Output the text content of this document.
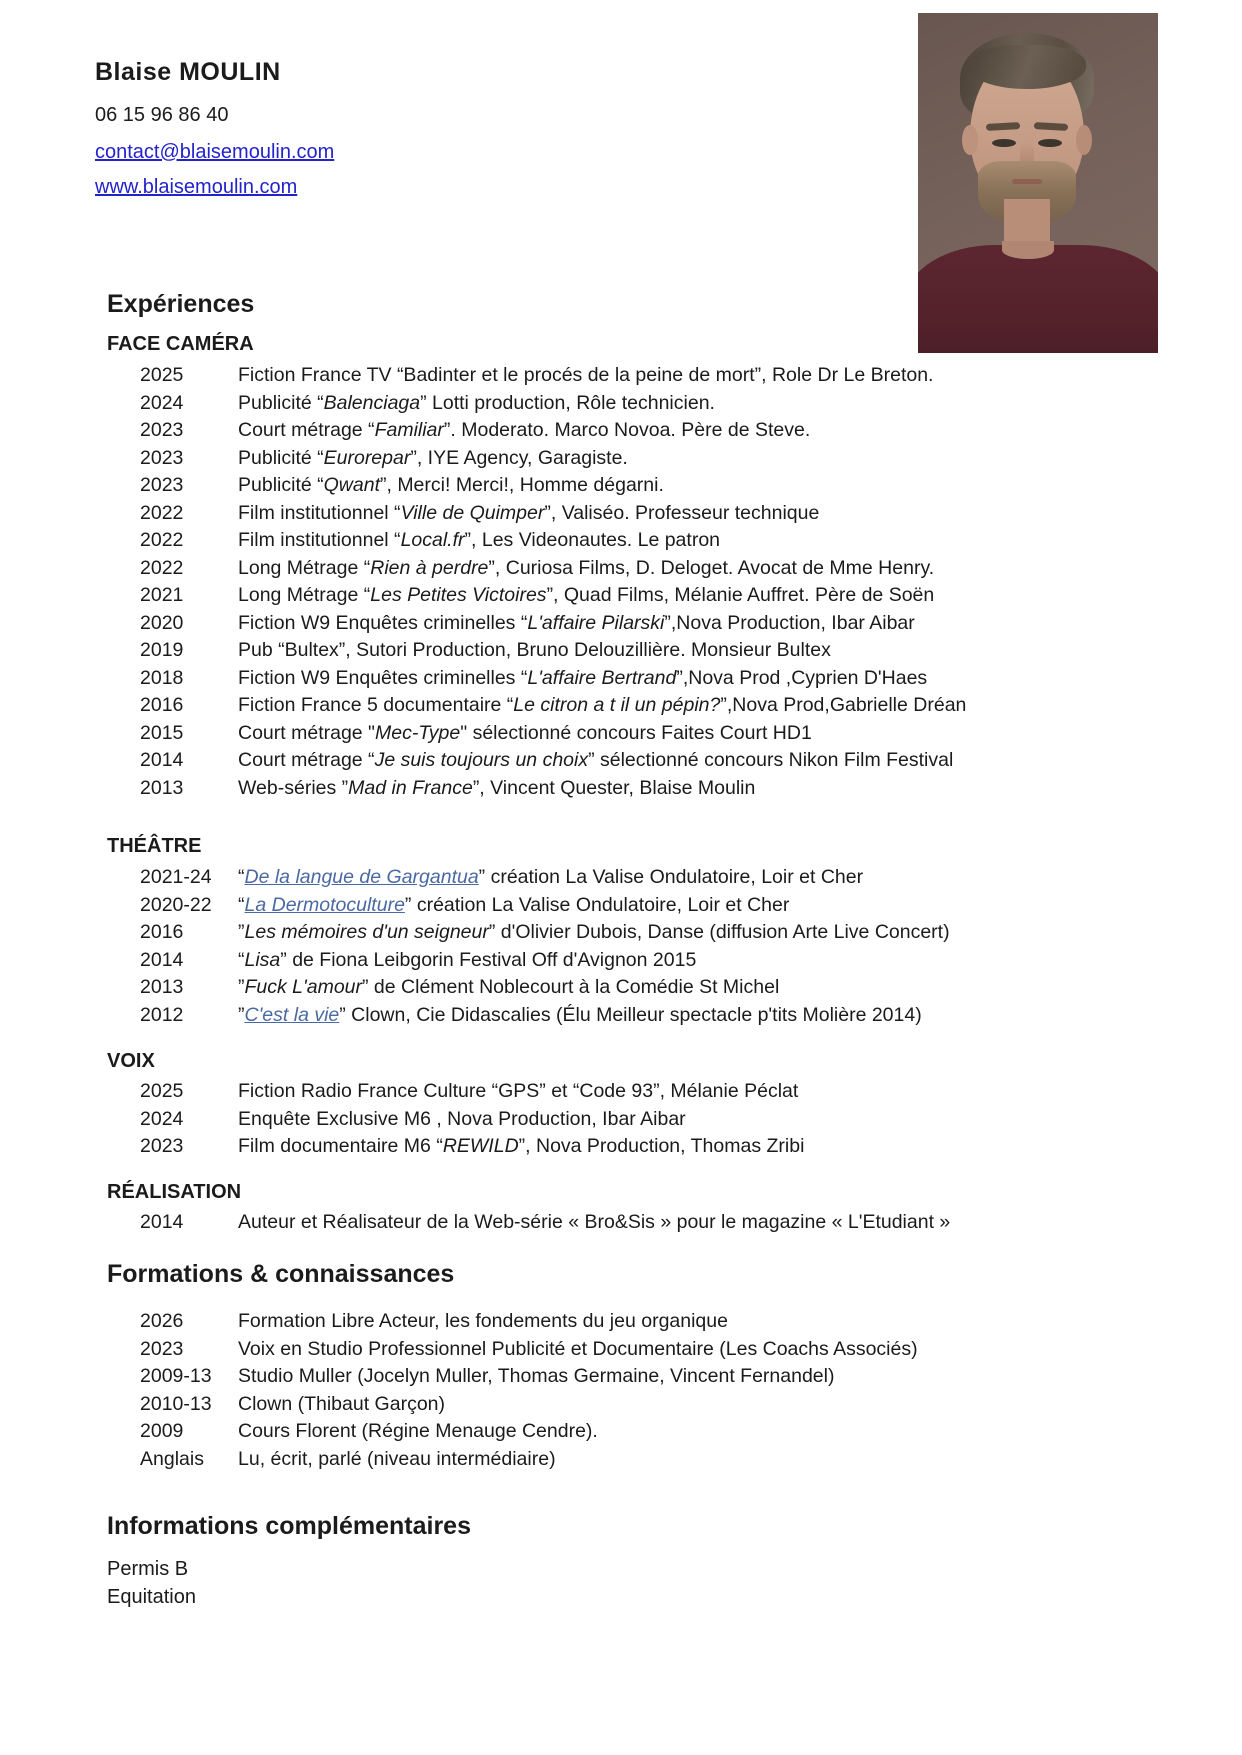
Blaise MOULIN
06 15 96 86 40
contact@blaisemoulin.com
www.blaisemoulin.com
Expériences
FACE CAMÉRA
2025	Fiction France TV “Badinter et le procés de la peine de mort”, Role Dr Le Breton.
2024	Publicité “Balenciaga” Lotti production, Rôle technicien.
2023	Court métrage “Familiar”. Moderato. Marco Novoa. Père de Steve.
2023	Publicité “Eurorepar”, IYE Agency, Garagiste.
2023	Publicité “Qwant”, Merci! Merci!, Homme dégarni.
2022	Film institutionnel “Ville de Quimper”, Valiséo. Professeur technique
2022	Film institutionnel “Local.fr”, Les Videonautes. Le patron
2022	Long Métrage “Rien à perdre”, Curiosa Films, D. Deloget. Avocat de Mme Henry.
2021	Long Métrage “Les Petites Victoires”, Quad Films, Mélanie Auffret. Père de Soën
2020	Fiction W9 Enquêtes criminelles “L'affaire Pilarski”,Nova Production, Ibar Aibar
2019	Pub “Bultex”, Sutori Production, Bruno Delouzillière. Monsieur Bultex
2018	Fiction W9 Enquêtes criminelles “L'affaire Bertrand”,Nova Prod ,Cyprien D'Haes
2016	Fiction France 5 documentaire “Le citron a t il un pépin?”,Nova Prod,Gabrielle Dréan
2015	Court métrage "Mec-Type" sélectionné concours Faites Court HD1
2014	Court métrage “Je suis toujours un choix” sélectionné concours Nikon Film Festival
2013	Web-séries ”Mad in France”, Vincent Quester, Blaise Moulin
THÉÂTRE
2021-24	“De la langue de Gargantua” création La Valise Ondulatoire, Loir et Cher
2020-22	“La Dermotoculture” création La Valise Ondulatoire, Loir et Cher
2016	”Les mémoires d'un seigneur” d'Olivier Dubois, Danse (diffusion Arte Live Concert)
2014	“Lisa” de Fiona Leibgorin Festival Off d'Avignon 2015
2013	”Fuck L'amour” de Clément Noblecourt à la Comédie St Michel
2012	”C'est la vie” Clown, Cie Didascalies (Élu Meilleur spectacle p'tits Molière 2014)
VOIX
2025	Fiction Radio France Culture “GPS” et “Code 93”, Mélanie Péclat
2024	Enquête Exclusive M6 , Nova Production, Ibar Aibar
2023	Film documentaire M6 “REWILD”, Nova Production, Thomas Zribi
RÉALISATION
2014	Auteur et Réalisateur de la Web-série « Bro&Sis » pour le magazine « L'Etudiant »
Formations & connaissances
2026	Formation Libre Acteur, les fondements du jeu organique
2023	Voix en Studio Professionnel Publicité et Documentaire (Les Coachs Associés)
2009-13	Studio Muller (Jocelyn Muller, Thomas Germaine, Vincent Fernandel)
2010-13	Clown (Thibaut Garçon)
2009	Cours Florent (Régine Menauge Cendre).
Anglais	Lu, écrit, parlé (niveau intermédiaire)
Informations complémentaires
Permis B
Equitation
